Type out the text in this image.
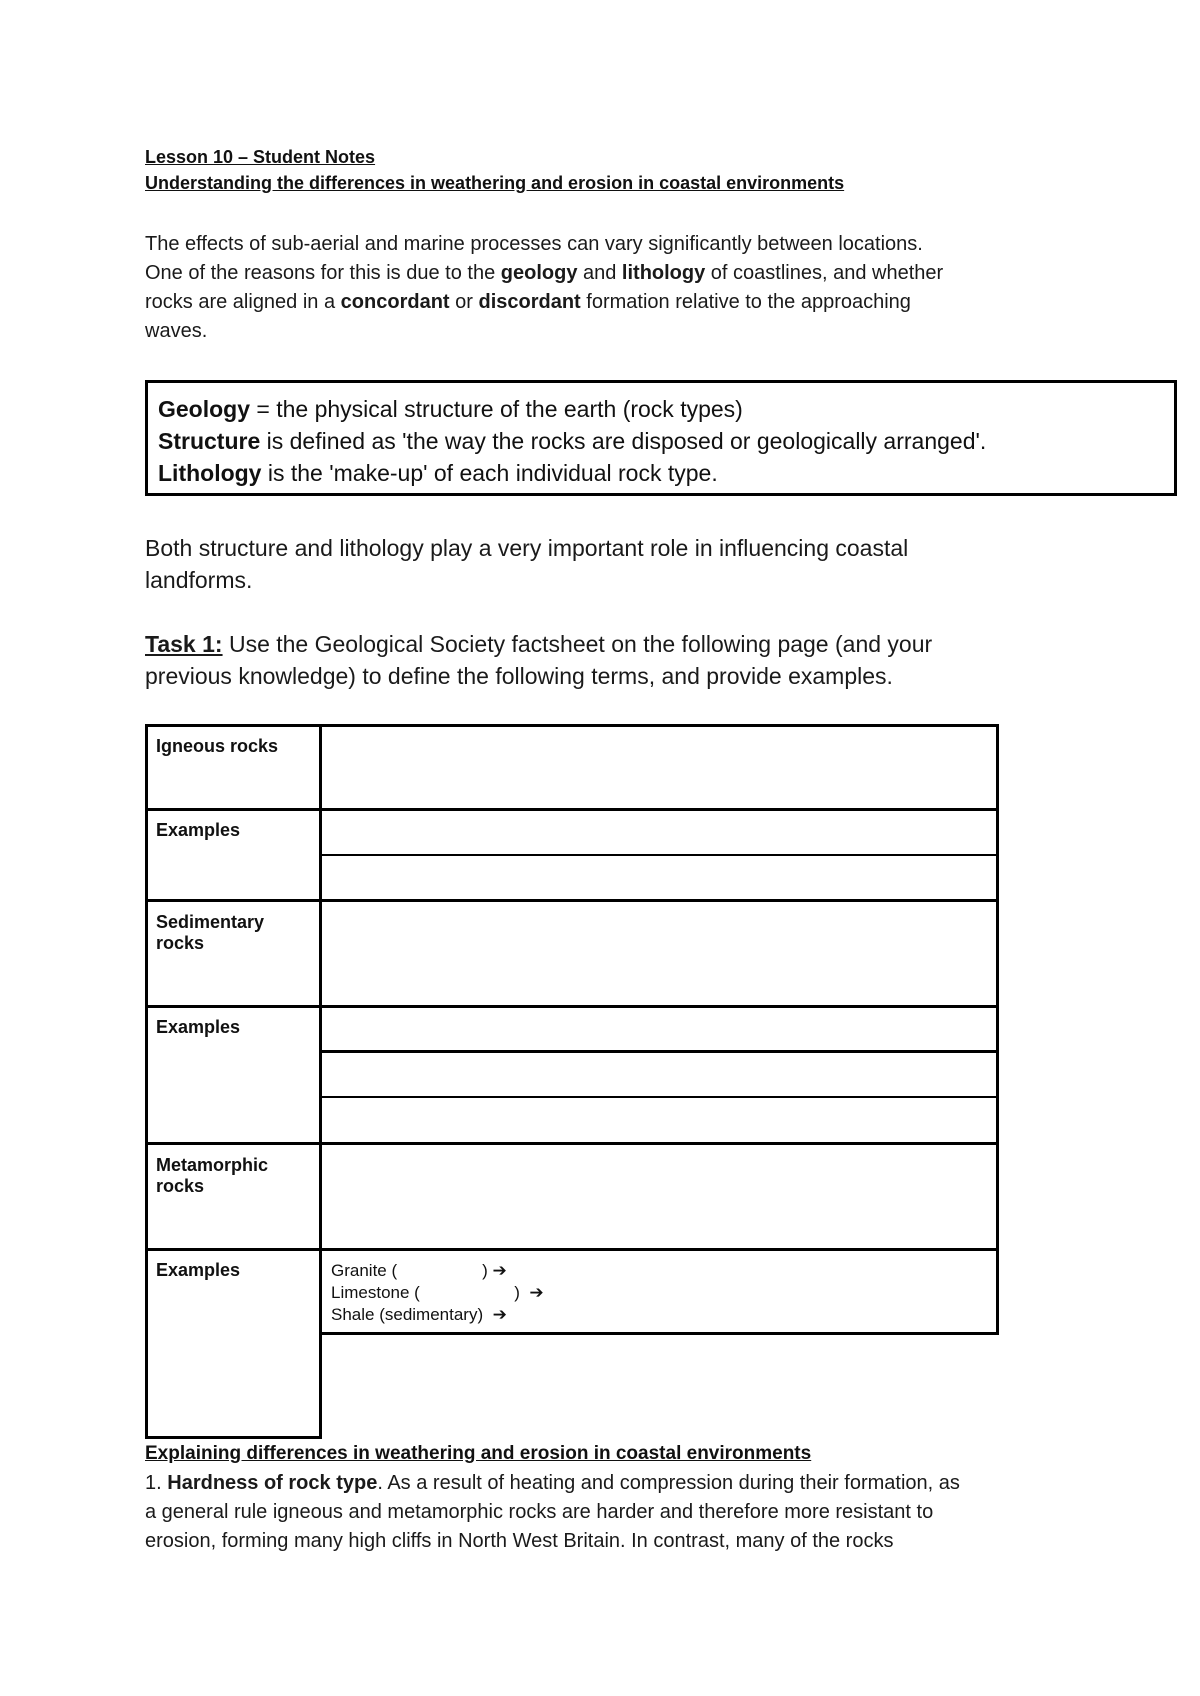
Lesson 10 – Student Notes
Understanding the differences in weathering and erosion in coastal environments
The effects of sub-aerial and marine processes can vary significantly between locations.
One of the reasons for this is due to the geology and lithology of coastlines, and whether
rocks are aligned in a concordant or discordant formation relative to the approaching
waves.
Geology = the physical structure of the earth (rock types)
Structure is defined as 'the way the rocks are disposed or geologically arranged'.
Lithology is the 'make-up' of each individual rock type.
Both structure and lithology play a very important role in influencing coastal
landforms.
Task 1: Use the Geological Society factsheet on the following page (and your
previous knowledge) to define the following terms, and provide examples.
Igneous rocks
Examples
Sedimentary rocks
Examples
Metamorphic rocks
Examples	Granite (                  ) ➔
Limestone (                    )  ➔
Shale (sedimentary)  ➔
Explaining differences in weathering and erosion in coastal environments
1. Hardness of rock type. As a result of heating and compression during their formation, as
a general rule igneous and metamorphic rocks are harder and therefore more resistant to
erosion, forming many high cliffs in North West Britain. In contrast, many of the rocks
